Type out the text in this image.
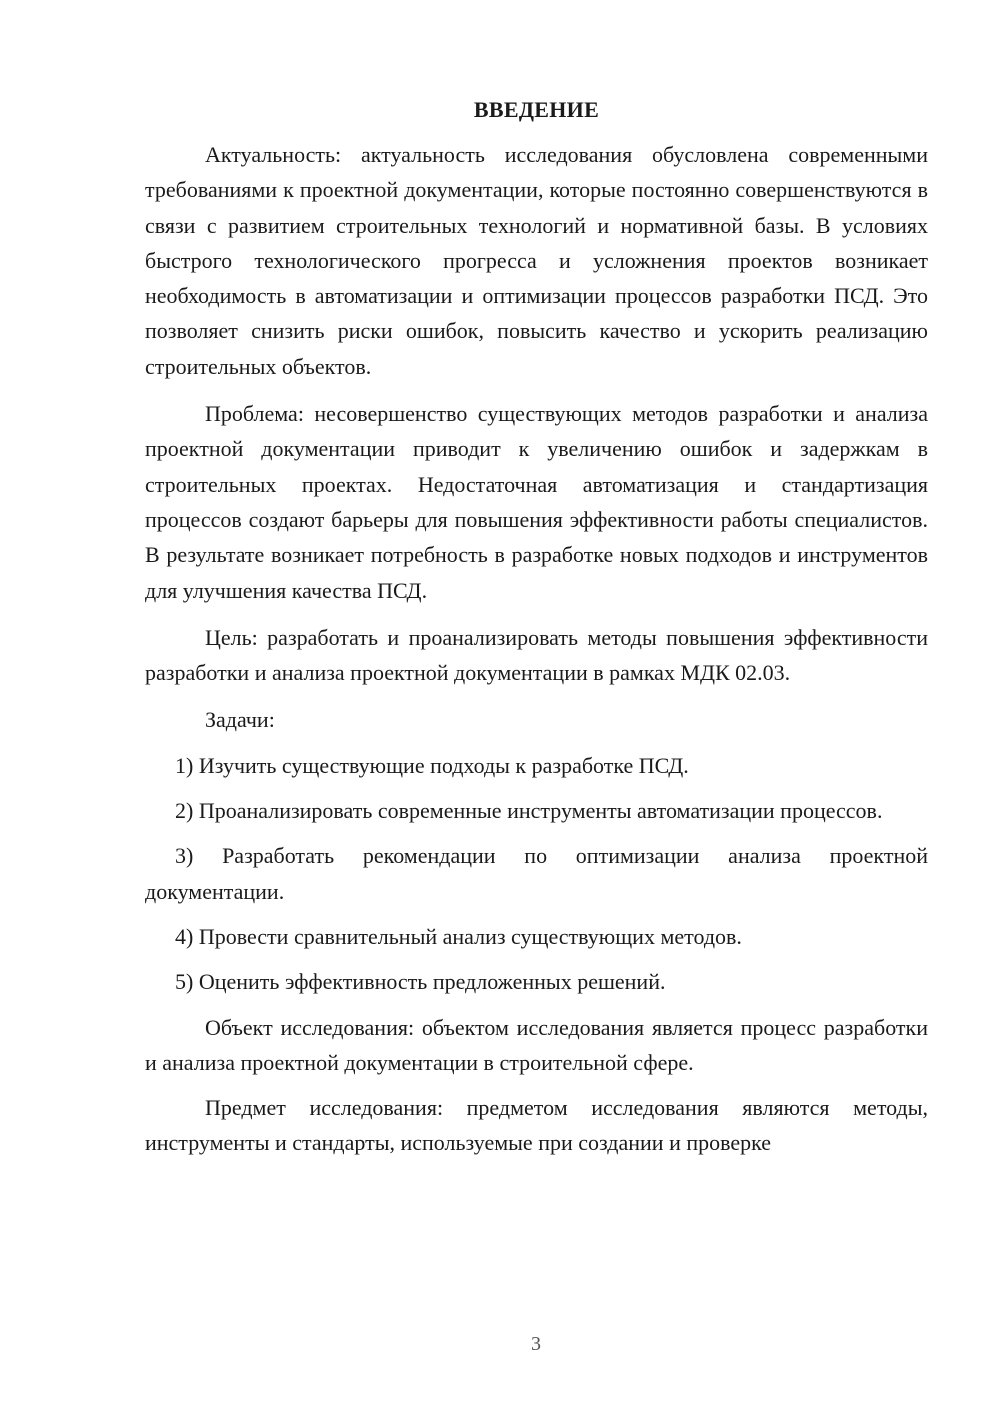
ВВЕДЕНИЕ

Актуальность: актуальность исследования обусловлена современными требованиями к проектной документации, которые постоянно совершенствуются в связи с развитием строительных технологий и нормативной базы. В условиях быстрого технологического прогресса и усложнения проектов возникает необходимость в автоматизации и оптимизации процессов разработки ПСД. Это позволяет снизить риски ошибок, повысить качество и ускорить реализацию строительных объектов.

Проблема: несовершенство существующих методов разработки и анализа проектной документации приводит к увеличению ошибок и задержкам в строительных проектах. Недостаточная автоматизация и стандартизация процессов создают барьеры для повышения эффективности работы специалистов. В результате возникает потребность в разработке новых подходов и инструментов для улучшения качества ПСД.

Цель: разработать и проанализировать методы повышения эффективности разработки и анализа проектной документации в рамках МДК 02.03.

Задачи:

1) Изучить существующие подходы к разработке ПСД.

2) Проанализировать современные инструменты автоматизации процессов.

3) Разработать рекомендации по оптимизации анализа проектной документации.

4) Провести сравнительный анализ существующих методов.

5) Оценить эффективность предложенных решений.

Объект исследования: объектом исследования является процесс разработки и анализа проектной документации в строительной сфере.

Предмет исследования: предметом исследования являются методы, инструменты и стандарты, используемые при создании и проверке

3
